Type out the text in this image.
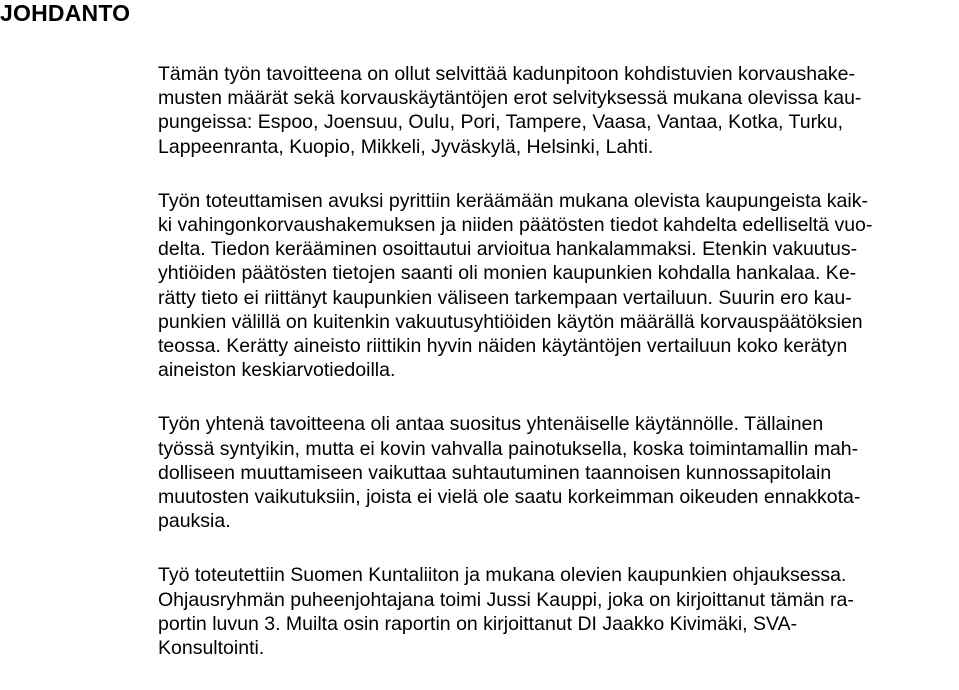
JOHDANTO

Tämän työn tavoitteena on ollut selvittää kadunpitoon kohdistuvien korvaushake-
musten määrät sekä korvauskäytäntöjen erot selvityksessä mukana olevissa kau-
pungeissa: Espoo, Joensuu, Oulu, Pori, Tampere, Vaasa, Vantaa, Kotka, Turku,
Lappeenranta, Kuopio, Mikkeli, Jyväskylä, Helsinki, Lahti.

Työn toteuttamisen avuksi pyrittiin keräämään mukana olevista kaupungeista kaik-
ki vahingonkorvaushakemuksen ja niiden päätösten tiedot kahdelta edelliseltä vuo-
delta. Tiedon kerääminen osoittautui arvioitua hankalammaksi. Etenkin vakuutus-
yhtiöiden päätösten tietojen saanti oli monien kaupunkien kohdalla hankalaa. Ke-
rätty tieto ei riittänyt kaupunkien väliseen tarkempaan vertailuun. Suurin ero kau-
punkien välillä on kuitenkin vakuutusyhtiöiden käytön määrällä korvauspäätöksien
teossa. Kerätty aineisto riittikin hyvin näiden käytäntöjen vertailuun koko kerätyn
aineiston keskiarvotiedoilla.

Työn yhtenä tavoitteena oli antaa suositus yhtenäiselle käytännölle. Tällainen
työssä syntyikin, mutta ei kovin vahvalla painotuksella, koska toimintamallin mah-
dolliseen muuttamiseen vaikuttaa suhtautuminen taannoisen kunnossapitolain
muutosten vaikutuksiin, joista ei vielä ole saatu korkeimman oikeuden ennakkota-
pauksia.

Työ toteutettiin Suomen Kuntaliiton ja mukana olevien kaupunkien ohjauksessa.
Ohjausryhmän puheenjohtajana toimi Jussi Kauppi, joka on kirjoittanut tämän ra-
portin luvun 3. Muilta osin raportin on kirjoittanut DI Jaakko Kivimäki, SVA-
Konsultointi.
